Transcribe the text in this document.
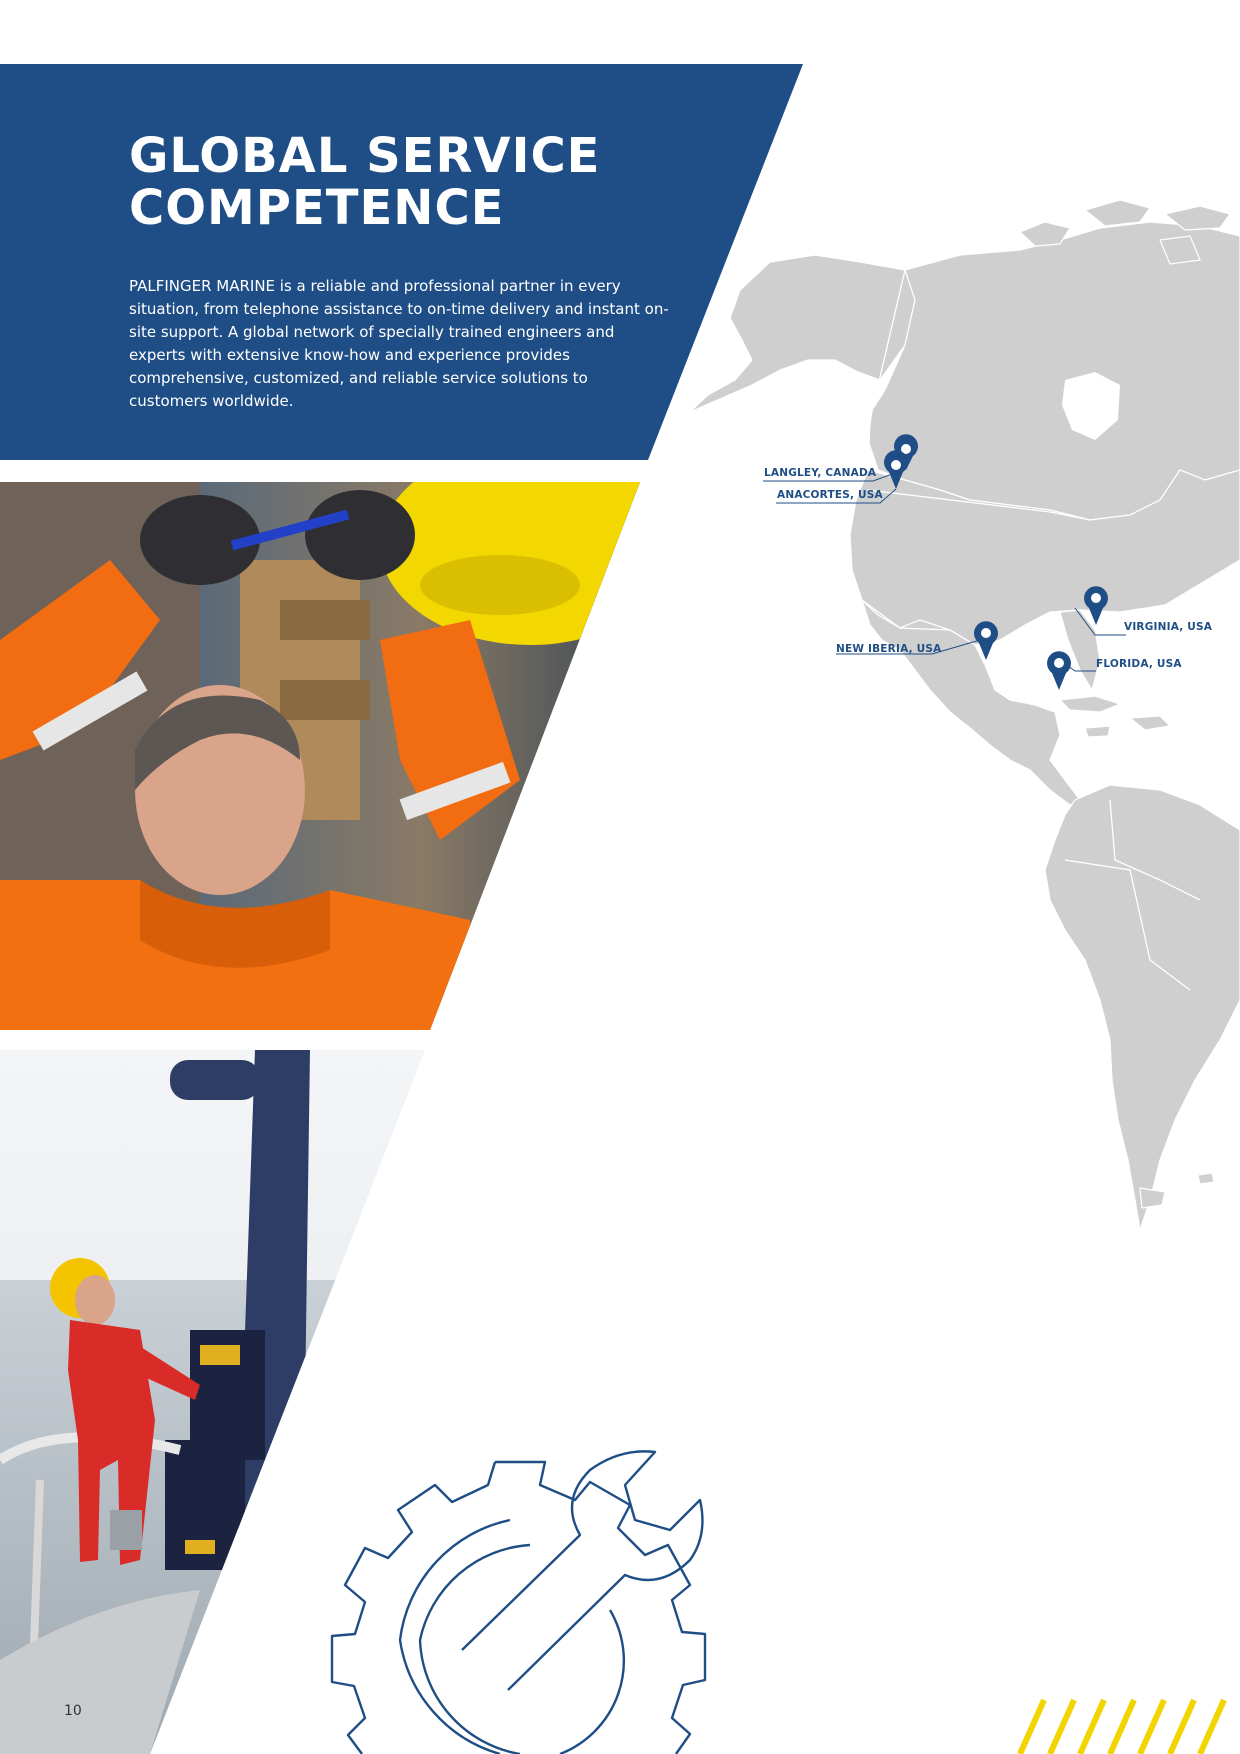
GLOBAL SERVICE
COMPETENCE

PALFINGER MARINE is a reliable and professional partner in every situation, from telephone assistance to on-time delivery and instant on-site support. A global network of specially trained engineers and experts with extensive know-how and experience provides comprehensive, customized, and reliable service solutions to customers worldwide.

LANGLEY, CANADA
ANACORTES, USA
VIRGINIA, USA
NEW IBERIA, USA
FLORIDA, USA
10
